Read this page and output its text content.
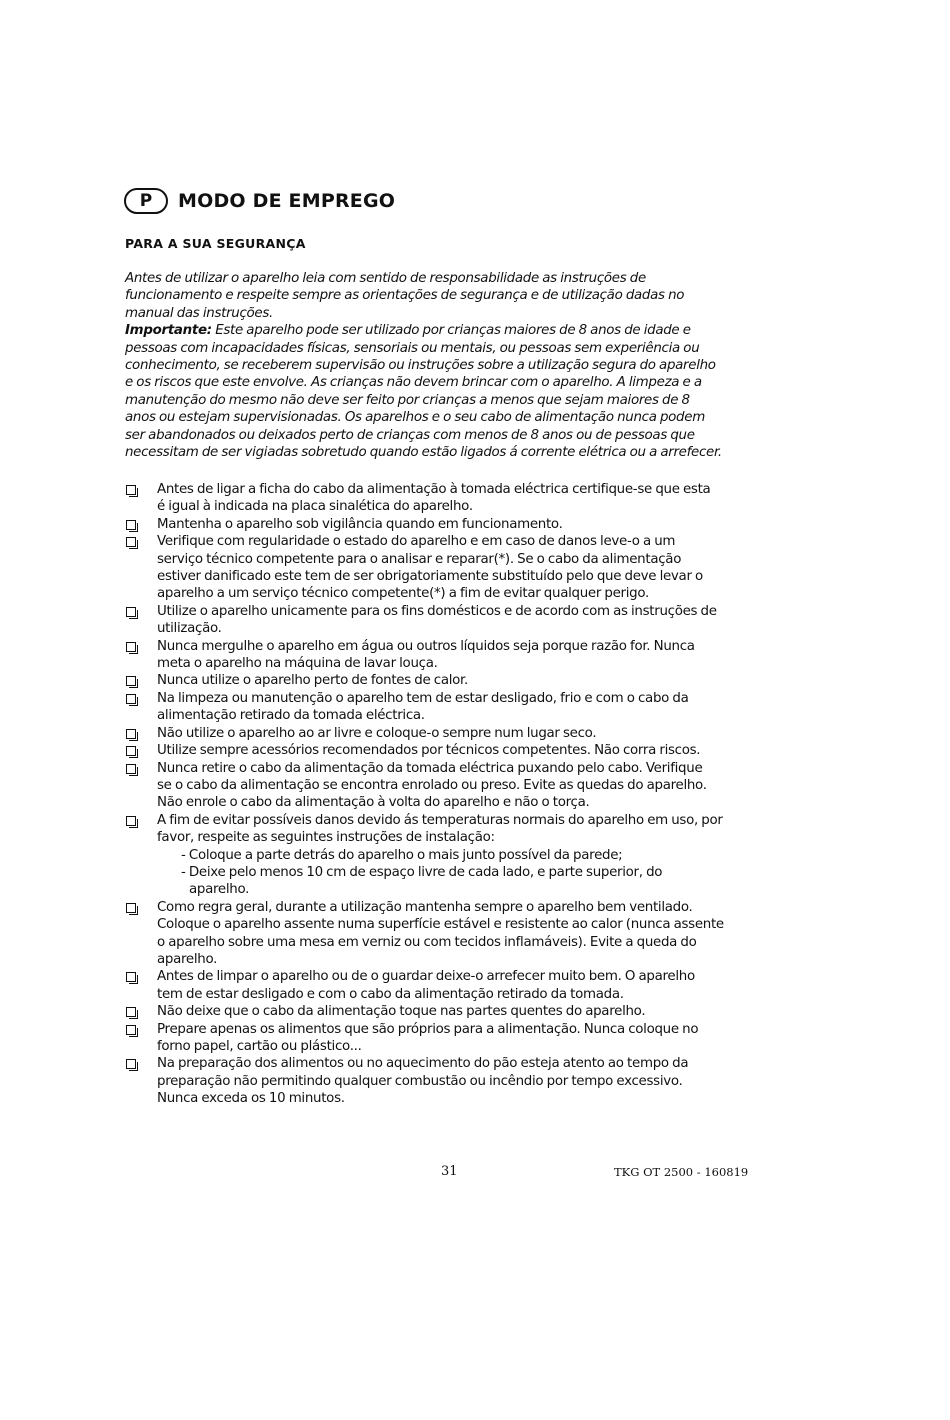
P	MODO DE EMPREGO
PARA A SUA SEGURANÇA
Antes de utilizar o aparelho leia com sentido de responsabilidade as instruções de
funcionamento e respeite sempre as orientações de segurança e de utilização dadas no
manual das instruções.
Importante: Este aparelho pode ser utilizado por crianças maiores de 8 anos de idade e
pessoas com incapacidades físicas, sensoriais ou mentais, ou pessoas sem experiência ou
conhecimento, se receberem supervisão ou instruções sobre a utilização segura do aparelho
e os riscos que este envolve. As crianças não devem brincar com o aparelho. A limpeza e a
manutenção do mesmo não deve ser feito por crianças a menos que sejam maiores de 8
anos ou estejam supervisionadas. Os aparelhos e o seu cabo de alimentação nunca podem
ser abandonados ou deixados perto de crianças com menos de 8 anos ou de pessoas que
necessitam de ser vigiadas sobretudo quando estão ligados á corrente elétrica ou a arrefecer.
Antes de ligar a ficha do cabo da alimentação à tomada eléctrica certifique-se que esta
é igual à indicada na placa sinalética do aparelho.
Mantenha o aparelho sob vigilância quando em funcionamento.
Verifique com regularidade o estado do aparelho e em caso de danos leve-o a um
serviço técnico competente para o analisar e reparar(*). Se o cabo da alimentação
estiver danificado este tem de ser obrigatoriamente substituído pelo que deve levar o
aparelho a um serviço técnico competente(*) a fim de evitar qualquer perigo.
Utilize o aparelho unicamente para os fins domésticos e de acordo com as instruções de
utilização.
Nunca mergulhe o aparelho em água ou outros líquidos seja porque razão for. Nunca
meta o aparelho na máquina de lavar louça.
Nunca utilize o aparelho perto de fontes de calor.
Na limpeza ou manutenção o aparelho tem de estar desligado, frio e com o cabo da
alimentação retirado da tomada eléctrica.
Não utilize o aparelho ao ar livre e coloque-o sempre num lugar seco.
Utilize sempre acessórios recomendados por técnicos competentes. Não corra riscos.
Nunca retire o cabo da alimentação da tomada eléctrica puxando pelo cabo. Verifique
se o cabo da alimentação se encontra enrolado ou preso. Evite as quedas do aparelho.
Não enrole o cabo da alimentação à volta do aparelho e não o torça.
A fim de evitar possíveis danos devido ás temperaturas normais do aparelho em uso, por
favor, respeite as seguintes instruções de instalação:
- Coloque a parte detrás do aparelho o mais junto possível da parede;
- Deixe pelo menos 10 cm de espaço livre de cada lado, e parte superior, do
aparelho.
Como regra geral, durante a utilização mantenha sempre o aparelho bem ventilado.
Coloque o aparelho assente numa superfície estável e resistente ao calor (nunca assente
o aparelho sobre uma mesa em verniz ou com tecidos inflamáveis). Evite a queda do
aparelho.
Antes de limpar o aparelho ou de o guardar deixe-o arrefecer muito bem. O aparelho
tem de estar desligado e com o cabo da alimentação retirado da tomada.
Não deixe que o cabo da alimentação toque nas partes quentes do aparelho.
Prepare apenas os alimentos que são próprios para a alimentação. Nunca coloque no
forno papel, cartão ou plástico...
Na preparação dos alimentos ou no aquecimento do pão esteja atento ao tempo da
preparação não permitindo qualquer combustão ou incêndio por tempo excessivo.
Nunca exceda os 10 minutos.
31	TKG OT 2500 - 160819
